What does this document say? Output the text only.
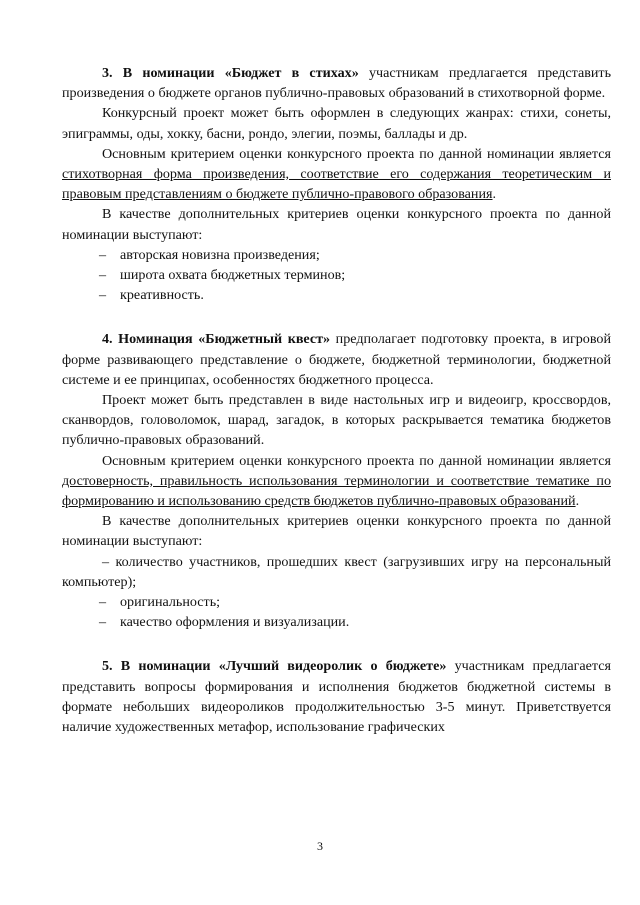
3. В номинации «Бюджет в стихах» участникам предлагается представить произведения о бюджете органов публично-правовых образований в стихотворной форме.

Конкурсный проект может быть оформлен в следующих жанрах: стихи, сонеты, эпиграммы, оды, хокку, басни, рондо, элегии, поэмы, баллады и др.

Основным критерием оценки конкурсного проекта по данной номинации является стихотворная форма произведения, соответствие его содержания теоретическим и правовым представлениям о бюджете публично-правового образования.

В качестве дополнительных критериев оценки конкурсного проекта по данной номинации выступают:

– авторская новизна произведения;
– широта охвата бюджетных терминов;
– креативность.

4. Номинация «Бюджетный квест» предполагает подготовку проекта, в игровой форме развивающего представление о бюджете, бюджетной терминологии, бюджетной системе и ее принципах, особенностях бюджетного процесса.

Проект может быть представлен в виде настольных игр и видеоигр, кроссвордов, сканвордов, головоломок, шарад, загадок, в которых раскрывается тематика бюджетов публично-правовых образований.

Основным критерием оценки конкурсного проекта по данной номинации является достоверность, правильность использования терминологии и соответствие тематике по формированию и использованию средств бюджетов публично-правовых образований.

В качестве дополнительных критериев оценки конкурсного проекта по данной номинации выступают:

– количество участников, прошедших квест (загрузивших игру на персональный компьютер);

– оригинальность;
– качество оформления и визуализации.

5. В номинации «Лучший видеоролик о бюджете» участникам предлагается представить вопросы формирования и исполнения бюджетов бюджетной системы в формате небольших видеороликов продолжительностью 3-5 минут. Приветствуется наличие художественных метафор, использование графических

3
